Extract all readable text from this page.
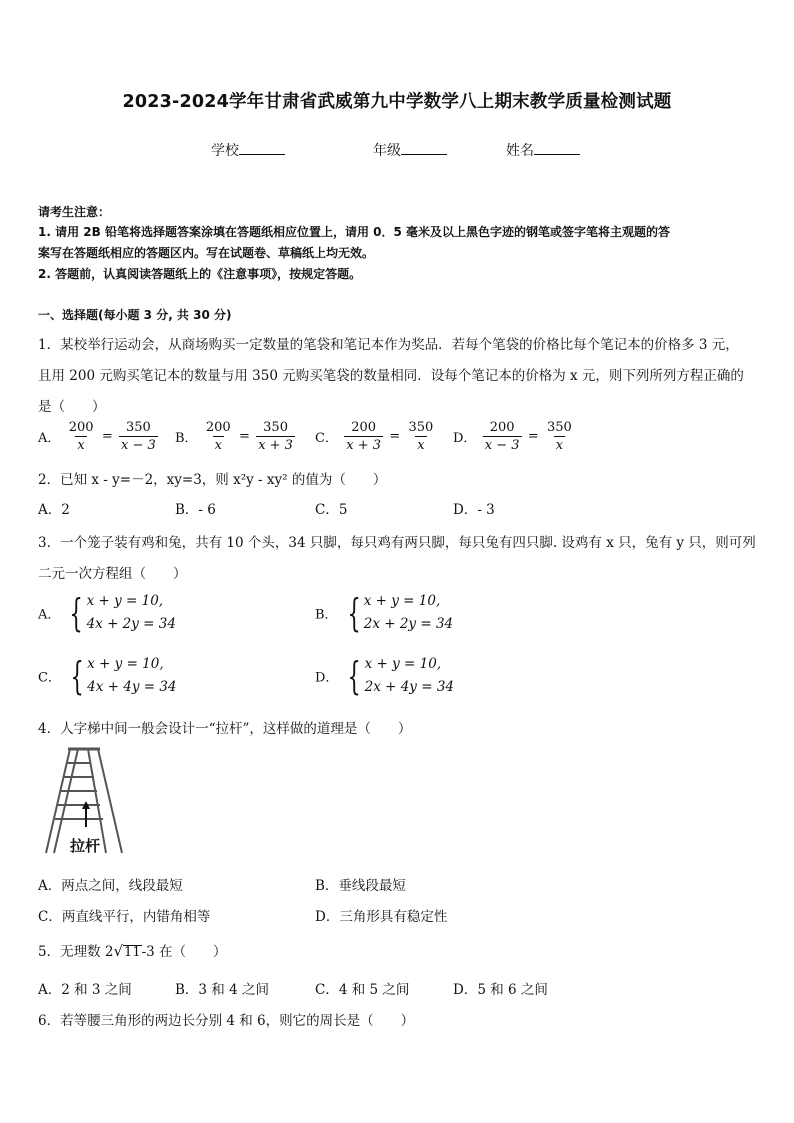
2023-2024学年甘肃省武威第九中学数学八上期末教学质量检测试题
学校	年级	姓名
请考生注意：
1. 请用 2B 铅笔将选择题答案涂填在答题纸相应位置上，请用 0．5 毫米及以上黑色字迹的钢笔或签字笔将主观题的答
案写在答题纸相应的答题区内。写在试题卷、草稿纸上均无效。
2. 答题前，认真阅读答题纸上的《注意事项》，按规定答题。
一、选择题(每小题 3 分, 共 30 分)
1．某校举行运动会，从商场购买一定数量的笔袋和笔记本作为奖品．若每个笔袋的价格比每个笔记本的价格多 3 元，
且用 200 元购买笔记本的数量与用 350 元购买笔袋的数量相同．设每个笔记本的价格为 x 元，则下列所列方程正确的
是（　　）
A． $\frac{200}{x} = \frac{350}{x - 3}$ B． $\frac{200}{x} = \frac{350}{x + 3}$ C． $\frac{200}{x + 3} = \frac{350}{x}$ D． $\frac{200}{x - 3} = \frac{350}{x}$
2．已知 x - y=－2，xy=3，则 x²y - xy² 的值为（　　）
A．2	B．- 6	C．5	D．- 3
3．一个笼子装有鸡和兔，共有 10 个头，34 只脚，每只鸡有两只脚，每只兔有四只脚. 设鸡有 x 只，兔有 y 只，则可列
二元一次方程组（　　）
A． { x + y = 10,
4x + 2y = 34
B． { x + y = 10,
2x + 2y = 34
C． { x + y = 10,
4x + 4y = 34
D． { x + y = 10,
2x + 4y = 34
4．人字梯中间一般会设计一“拉杆”，这样做的道理是（　　）
拉杆
A．两点之间，线段最短	B．垂线段最短
C．两直线平行，内错角相等	D．三角形具有稳定性
5．无理数 2 √ 11 -3 在（　　）
A．2 和 3 之间	B．3 和 4 之间	C．4 和 5 之间	D．5 和 6 之间
6．若等腰三角形的两边长分别 4 和 6，则它的周长是（　　）
